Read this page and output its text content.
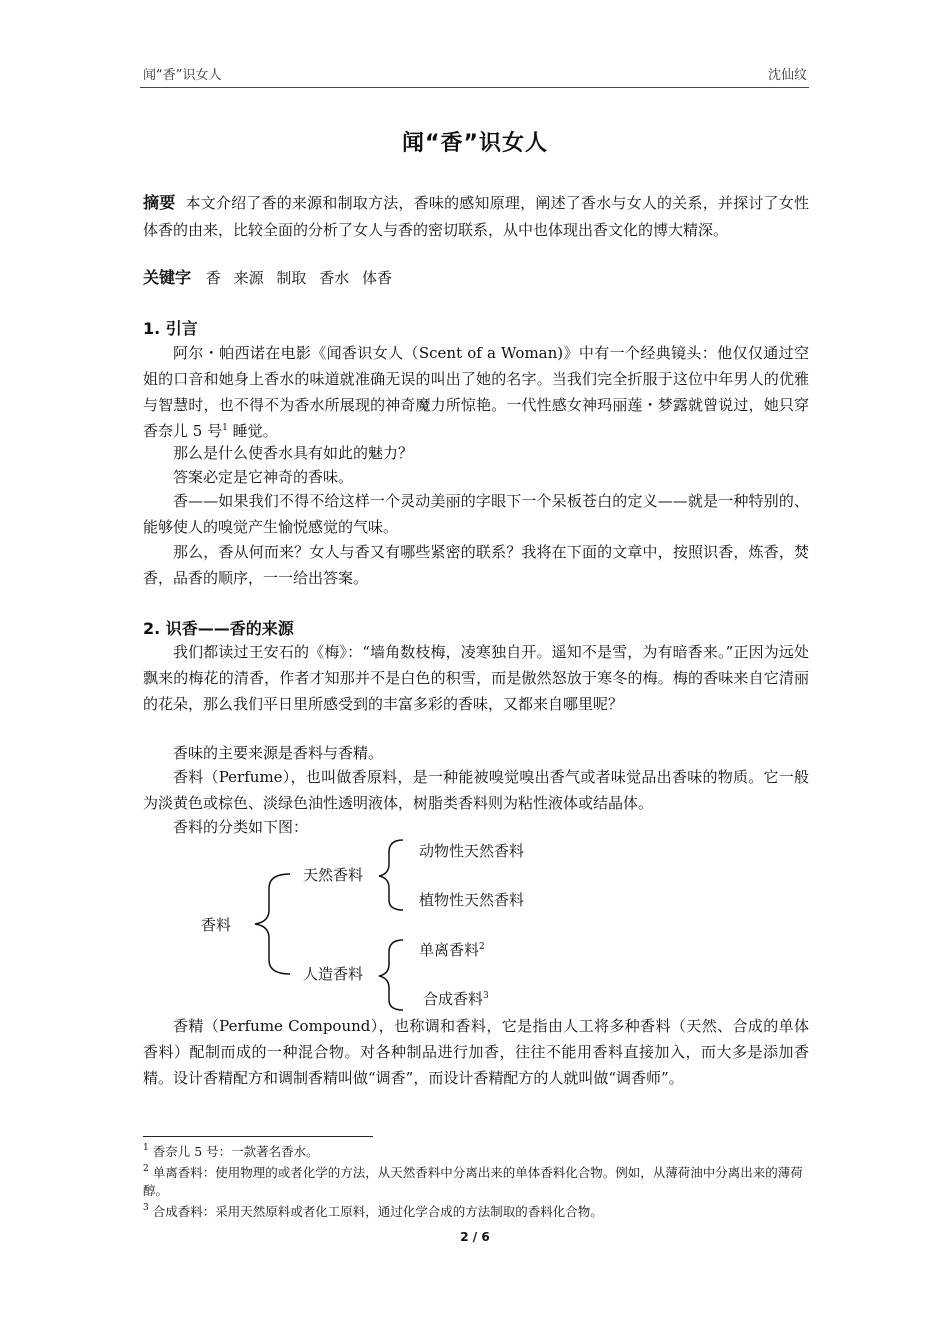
闻“香”识女人	沈仙纹
闻“香”识女人
摘要 本文介绍了香的来源和制取方法，香味的感知原理，阐述了香水与女人的关系，并探讨了女性体香的由来，比较全面的分析了女人与香的密切联系，从中也体现出香文化的博大精深。
关键字 香 来源 制取 香水 体香
1. 引言

阿尔・帕西诺在电影《闻香识女人（Scent of a Woman)》中有一个经典镜头：他仅仅通过空姐的口音和她身上香水的味道就准确无误的叫出了她的名字。当我们完全折服于这位中年男人的优雅与智慧时，也不得不为香水所展现的神奇魔力所惊艳。一代性感女神玛丽莲・梦露就曾说过，她只穿香奈儿 5 号$^1$ 睡觉。

那么是什么使香水具有如此的魅力？

答案必定是它神奇的香味。

香——如果我们不得不给这样一个灵动美丽的字眼下一个呆板苍白的定义——就是一种特别的、能够使人的嗅觉产生愉悦感觉的气味。

那么，香从何而来？女人与香又有哪些紧密的联系？我将在下面的文章中，按照识香，炼香，焚香，品香的顺序，一一给出答案。

2. 识香——香的来源

我们都读过王安石的《梅》：“墙角数枝梅，凌寒独自开。遥知不是雪，为有暗香来。”正因为远处飘来的梅花的清香，作者才知那并不是白色的积雪，而是傲然怒放于寒冬的梅。梅的香味来自它清丽的花朵，那么我们平日里所感受到的丰富多彩的香味，又都来自哪里呢？

香味的主要来源是香料与香精。

香料（Perfume），也叫做香原料，是一种能被嗅觉嗅出香气或者味觉品出香味的物质。它一般为淡黄色或棕色、淡绿色油性透明液体，树脂类香料则为粘性液体或结晶体。

香料的分类如下图：

香料
天然香料
人造香料
动物性天然香料
植物性天然香料
单离香料$^2$
合成香料$^3$

香精（Perfume Compound），也称调和香料，它是指由人工将多种香料（天然、合成的单体香料）配制而成的一种混合物。对各种制品进行加香，往往不能用香料直接加入，而大多是添加香精。设计香精配方和调制香精叫做“调香”，而设计香精配方的人就叫做“调香师”。

$^1$ 香奈儿 5 号：一款著名香水。

$^2$ 单离香料：使用物理的或者化学的方法，从天然香料中分离出来的单体香料化合物。例如，从薄荷油中分离出来的薄荷醇。

$^3$ 合成香料：采用天然原料或者化工原料，通过化学合成的方法制取的香料化合物。

2 / 6
